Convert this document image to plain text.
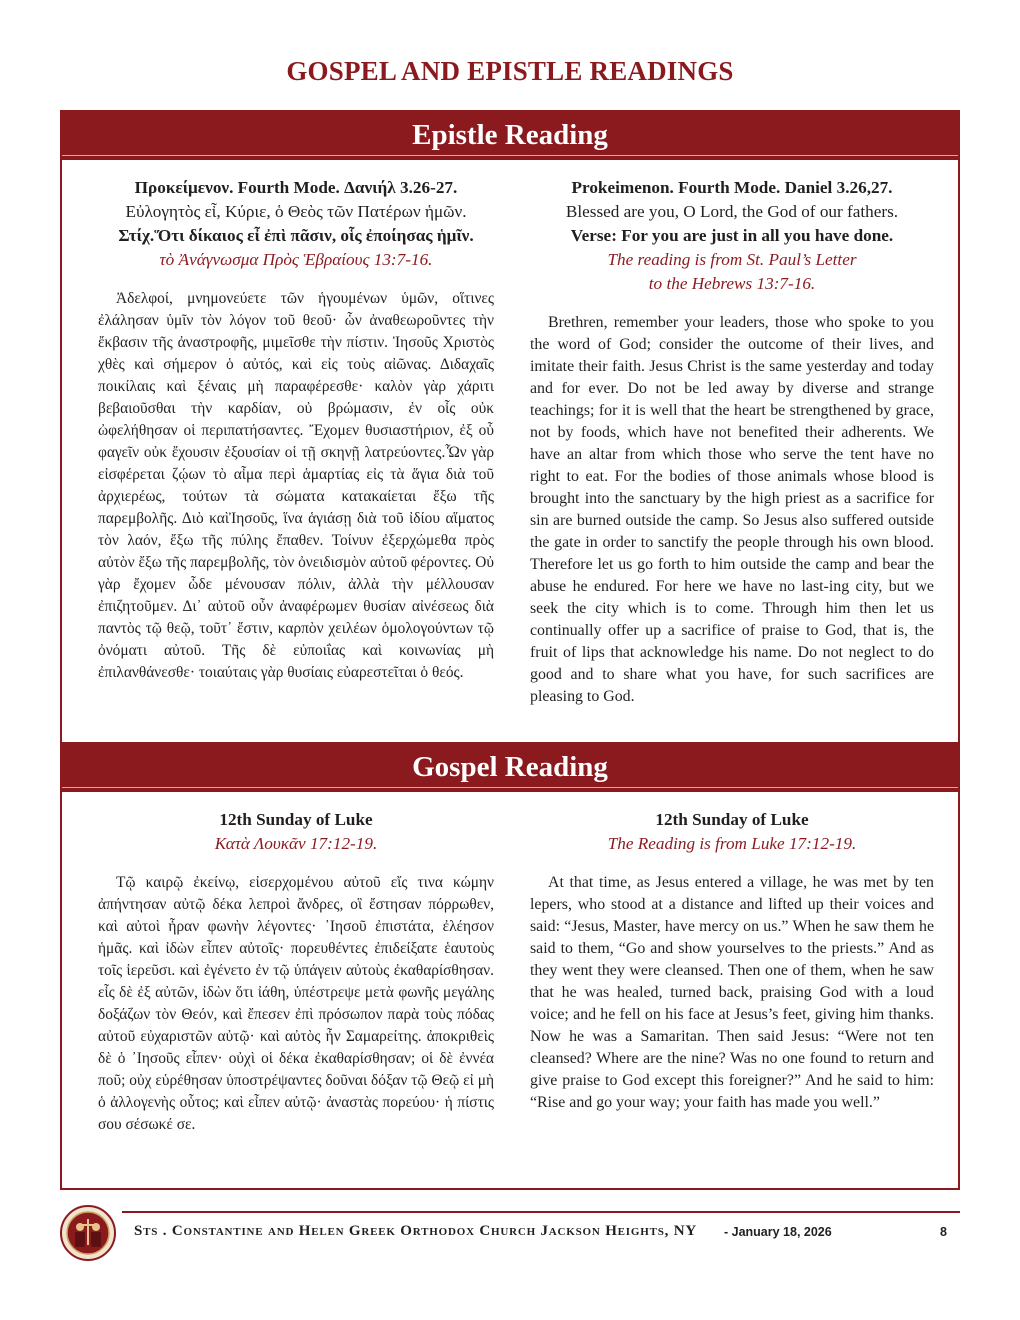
GOSPEL AND EPISTLE READINGS
Epistle Reading
Προκείμενον. Fourth Mode. Δανιήλ 3.26-27.
Εὐλογητὸς εἶ, Κύριε, ὁ Θεὸς τῶν Πατέρων ἡμῶν.
Στίχ.Ὅτι δίκαιος εἶ ἐπὶ πᾶσιν, οἷς ἐποίησας ἡμῖν.
τὸ Ἀνάγνωσμα Πρὸς Ἑβραίους 13:7-16.

Ἀδελφοί, μνημονεύετε τῶν ἡγουμένων ὑμῶν, οἵτινες ἐλάλησαν ὑμῖν τὸν λόγον τοῦ θεοῦ· ὧν ἀναθεωροῦντες τὴν ἔκβασιν τῆς ἀναστροφῆς, μιμεῖσθε τὴν πίστιν. Ἰησοῦς Χριστὸς χθὲς καὶ σήμερον ὁ αὐτός, καὶ εἰς τοὺς αἰῶνας. Διδαχαῖς ποικίλαις καὶ ξέναις μὴ παραφέρεσθε· καλὸν γὰρ χάριτι βεβαιοῦσθαι τὴν καρδίαν, οὐ βρώμασιν, ἐν οἷς οὐκ ὠφελήθησαν οἱ περιπατήσαντες. Ἔχομεν θυσιαστήριον, ἐξ οὗ φαγεῖν οὐκ ἔχουσιν ἐξουσίαν οἱ τῇ σκηνῇ λατρεύοντες.Ὧν γὰρ εἰσφέρεται ζῴων τὸ αἷμα περὶ ἁμαρτίας εἰς τὰ ἅγια διὰ τοῦ ἀρχιερέως, τούτων τὰ σώματα κατακαίεται ἔξω τῆς παρεμβολῆς. Διὸ καὶἸησοῦς, ἵνα ἁγιάσῃ διὰ τοῦ ἰδίου αἵματος τὸν λαόν, ἔξω τῆς πύλης ἔπαθεν. Τοίνυν ἐξερχώμεθα πρὸς αὐτὸν ἔξω τῆς παρεμβολῆς, τὸν ὀνειδισμὸν αὐτοῦ φέροντες. Οὐ γὰρ ἔχομεν ὧδε μένουσαν πόλιν, ἀλλὰ τὴν μέλλουσαν ἐπιζητοῦμεν. Δι᾽ αὐτοῦ οὖν ἀναφέρωμεν θυσίαν αἰνέσεως διὰ παντὸς τῷ θεῷ, τοῦτ᾽ ἔστιν, καρπὸν χειλέων ὁμολογούντων τῷ ὀνόματι αὐτοῦ. Τῆς δὲ εὐποιΐας καὶ κοινωνίας μὴ ἐπιλανθάνεσθε· τοιαύταις γὰρ θυσίαις εὐαρεστεῖται ὁ θεός.

Prokeimenon. Fourth Mode. Daniel 3.26,27.
Blessed are you, O Lord, the God of our fathers.
Verse: For you are just in all you have done.
The reading is from St. Paul’s Letter
to the Hebrews 13:7-16.

Brethren, remember your leaders, those who spoke to you the word of God; consider the outcome of their lives, and imitate their faith. Jesus Christ is the same yesterday and today and for ever. Do not be led away by diverse and strange teachings; for it is well that the heart be strengthened by grace, not by foods, which have not benefited their adherents. We have an altar from which those who serve the tent have no right to eat. For the bodies of those animals whose blood is brought into the sanctuary by the high priest as a sacrifice for sin are burned outside the camp. So Jesus also suffered outside the gate in order to sanctify the people through his own blood. Therefore let us go forth to him outside the camp and bear the abuse he endured. For here we have no last-ing city, but we seek the city which is to come. Through him then let us continually offer up a sacrifice of praise to God, that is, the fruit of lips that acknowledge his name. Do not neglect to do good and to share what you have, for such sacrifices are pleasing to God.

Gospel Reading
12th Sunday of Luke
Κατὰ Λουκᾶν 17:12-19.

Τῷ καιρῷ ἐκείνῳ, εἰσερχομένου αὐτοῦ εἴς τινα κώμην ἀπήντησαν αὐτῷ δέκα λεπροὶ ἄνδρες, οἳ ἔστησαν πόρρωθεν, καὶ αὐτοὶ ἦραν φωνὴν λέγοντες· ᾿Ιησοῦ ἐπιστάτα, ἐλέησον ἡμᾶς. καὶ ἰδὼν εἶπεν αὐτοῖς· πορευθέντες ἐπιδείξατε ἑαυτοὺς τοῖς ἱερεῦσι. καὶ ἐγένετο ἐν τῷ ὑπάγειν αὐτοὺς ἐκαθαρίσθησαν. εἷς δὲ ἐξ αὐτῶν, ἰδὼν ὅτι ἰάθη, ὑπέστρεψε μετὰ φωνῆς μεγάλης δοξάζων τὸν Θεόν, καὶ ἔπεσεν ἐπὶ πρόσωπον παρὰ τοὺς πόδας αὐτοῦ εὐχαριστῶν αὐτῷ· καὶ αὐτὸς ἦν Σαμαρείτης. ἀποκριθεὶς δὲ ὁ ᾿Ιησοῦς εἶπεν· οὐχὶ οἱ δέκα ἐκαθαρίσθησαν; οἱ δὲ ἐννέα ποῦ; οὐχ εὑρέθησαν ὑποστρέψαντες δοῦναι δόξαν τῷ Θεῷ εἰ μὴ ὁ ἀλλογενὴς οὗτος; καὶ εἶπεν αὐτῷ· ἀναστὰς πορεύου· ἡ πίστις σου σέσωκέ σε.

12th Sunday of Luke
The Reading is from Luke 17:12-19.

At that time, as Jesus entered a village, he was met by ten lepers, who stood at a distance and lifted up their voices and said: “Jesus, Master, have mercy on us.” When he saw them he said to them, “Go and show yourselves to the priests.” And as they went they were cleansed. Then one of them, when he saw that he was healed, turned back, praising God with a loud voice; and he fell on his face at Jesus’s feet, giving him thanks. Now he was a Samaritan. Then said Jesus: “Were not ten cleansed? Where are the nine? Was no one found to return and give praise to God except this foreigner?” And he said to him: “Rise and go your way; your faith has made you well.”

Sts . Constantine and Helen Greek Orthodox Church Jackson Heights, NY - January 18, 2026	8
